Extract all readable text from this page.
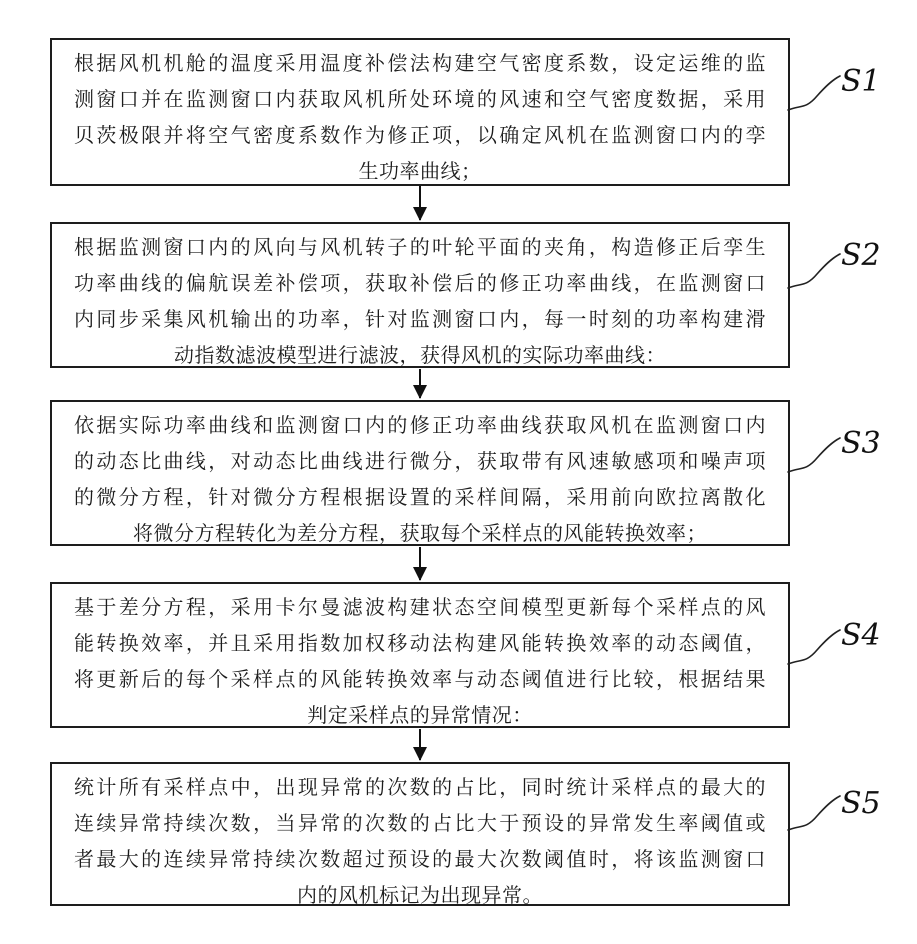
根据风机机舱的温度采用温度补偿法构建空气密度系数，设定运维的监
测窗口并在监测窗口内获取风机所处环境的风速和空气密度数据，采用
贝茨极限并将空气密度系数作为修正项，以确定风机在监测窗口内的孪
生功率曲线；
根据监测窗口内的风向与风机转子的叶轮平面的夹角，构造修正后孪生
功率曲线的偏航误差补偿项，获取补偿后的修正功率曲线，在监测窗口
内同步采集风机输出的功率，针对监测窗口内，每一时刻的功率构建滑
动指数滤波模型进行滤波，获得风机的实际功率曲线：
依据实际功率曲线和监测窗口内的修正功率曲线获取风机在监测窗口内
的动态比曲线，对动态比曲线进行微分，获取带有风速敏感项和噪声项
的微分方程，针对微分方程根据设置的采样间隔，采用前向欧拉离散化
将微分方程转化为差分方程，获取每个采样点的风能转换效率；
基于差分方程，采用卡尔曼滤波构建状态空间模型更新每个采样点的风
能转换效率，并且采用指数加权移动法构建风能转换效率的动态阈值，
将更新后的每个采样点的风能转换效率与动态阈值进行比较，根据结果
判定采样点的异常情况：
统计所有采样点中，出现异常的次数的占比，同时统计采样点的最大的
连续异常持续次数，当异常的次数的占比大于预设的异常发生率阈值或
者最大的连续异常持续次数超过预设的最大次数阈值时，将该监测窗口
内的风机标记为出现异常。
S1
S2
S3
S4
S5
